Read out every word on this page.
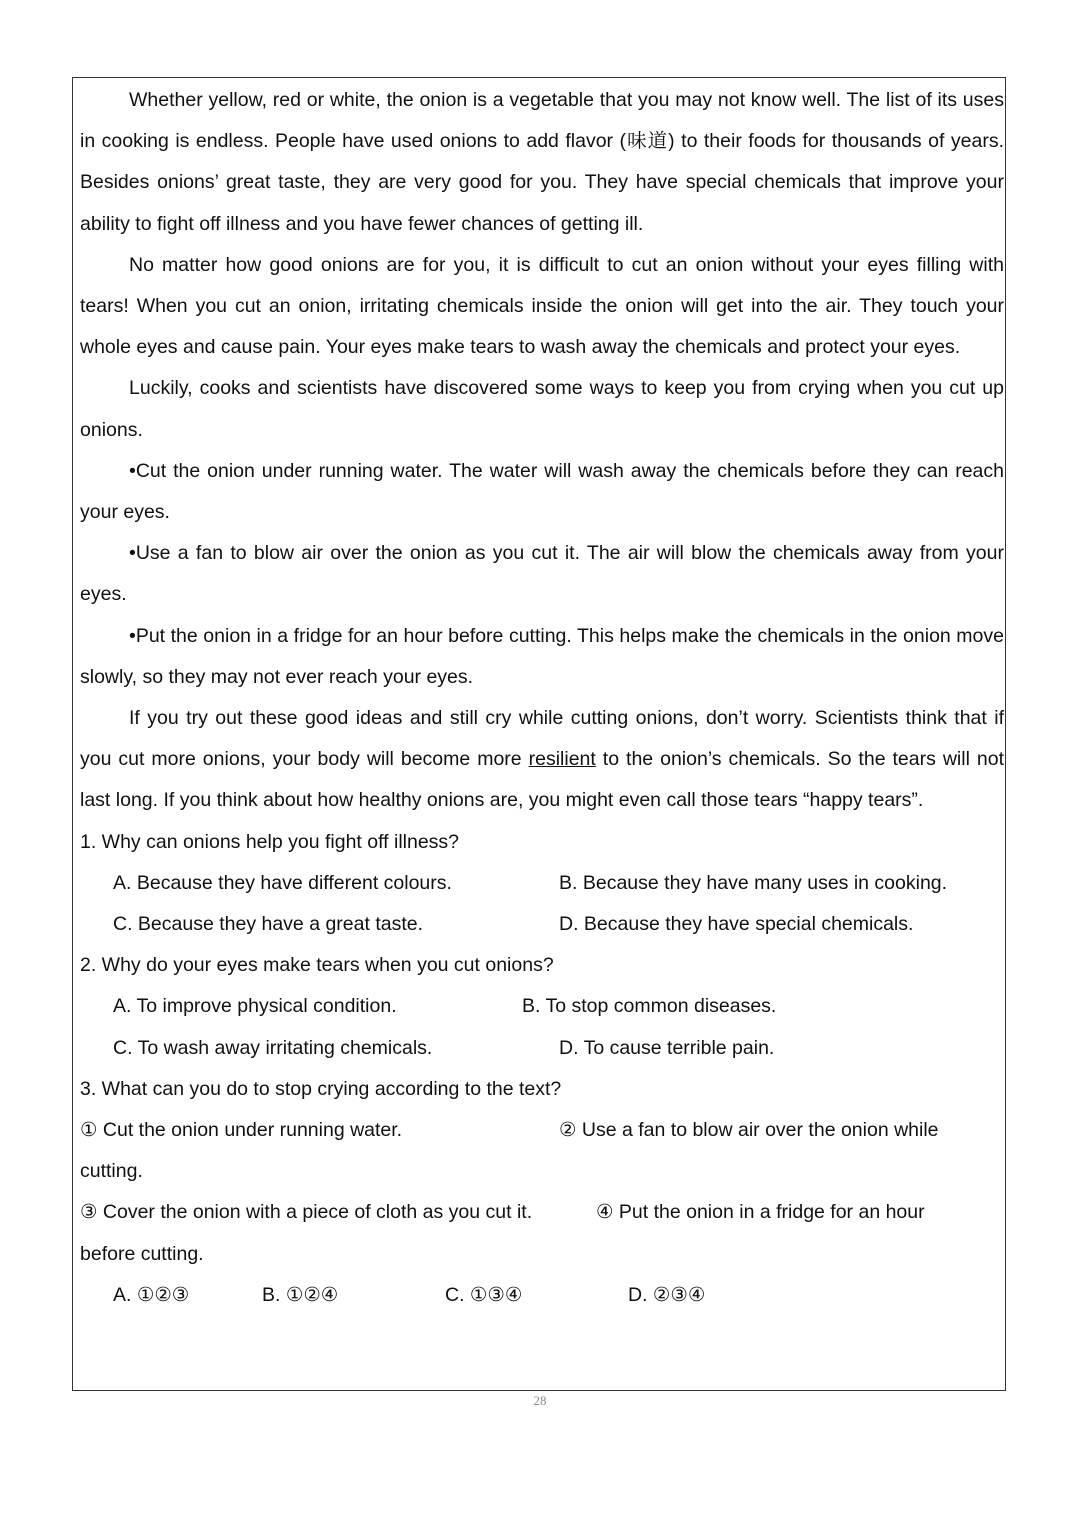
Whether yellow, red or white, the onion is a vegetable that you may not know well. The list of its uses in cooking is endless. People have used onions to add flavor (味道) to their foods for thousands of years. Besides onions’ great taste, they are very good for you. They have special chemicals that improve your ability to fight off illness and you have fewer chances of getting ill.

No matter how good onions are for you, it is difficult to cut an onion without your eyes filling with tears! When you cut an onion, irritating chemicals inside the onion will get into the air. They touch your whole eyes and cause pain. Your eyes make tears to wash away the chemicals and protect your eyes.

Luckily, cooks and scientists have discovered some ways to keep you from crying when you cut up onions.

•Cut the onion under running water. The water will wash away the chemicals before they can reach your eyes.

•Use a fan to blow air over the onion as you cut it. The air will blow the chemicals away from your eyes.

•Put the onion in a fridge for an hour before cutting. This helps make the chemicals in the onion move slowly, so they may not ever reach your eyes.

If you try out these good ideas and still cry while cutting onions, don’t worry. Scientists think that if you cut more onions, your body will become more resilient to the onion’s chemicals. So the tears will not last long. If you think about how healthy onions are, you might even call those tears “happy tears”.

1. Why can onions help you fight off illness?

A. Because they have different colours.	B. Because they have many uses in cooking.
C. Because they have a great taste.	D. Because they have special chemicals.

2. Why do your eyes make tears when you cut onions?

A. To improve physical condition.	B. To stop common diseases.
C. To wash away irritating chemicals.	D. To cause terrible pain.

3. What can you do to stop crying according to the text?

① Cut the onion under running water.	② Use a fan to blow air over the onion while

cutting.

③ Cover the onion with a piece of cloth as you cut it.	④ Put the onion in a fridge for an hour

before cutting.

A. ①②③	B. ①②④	C. ①③④	D. ②③④
28
